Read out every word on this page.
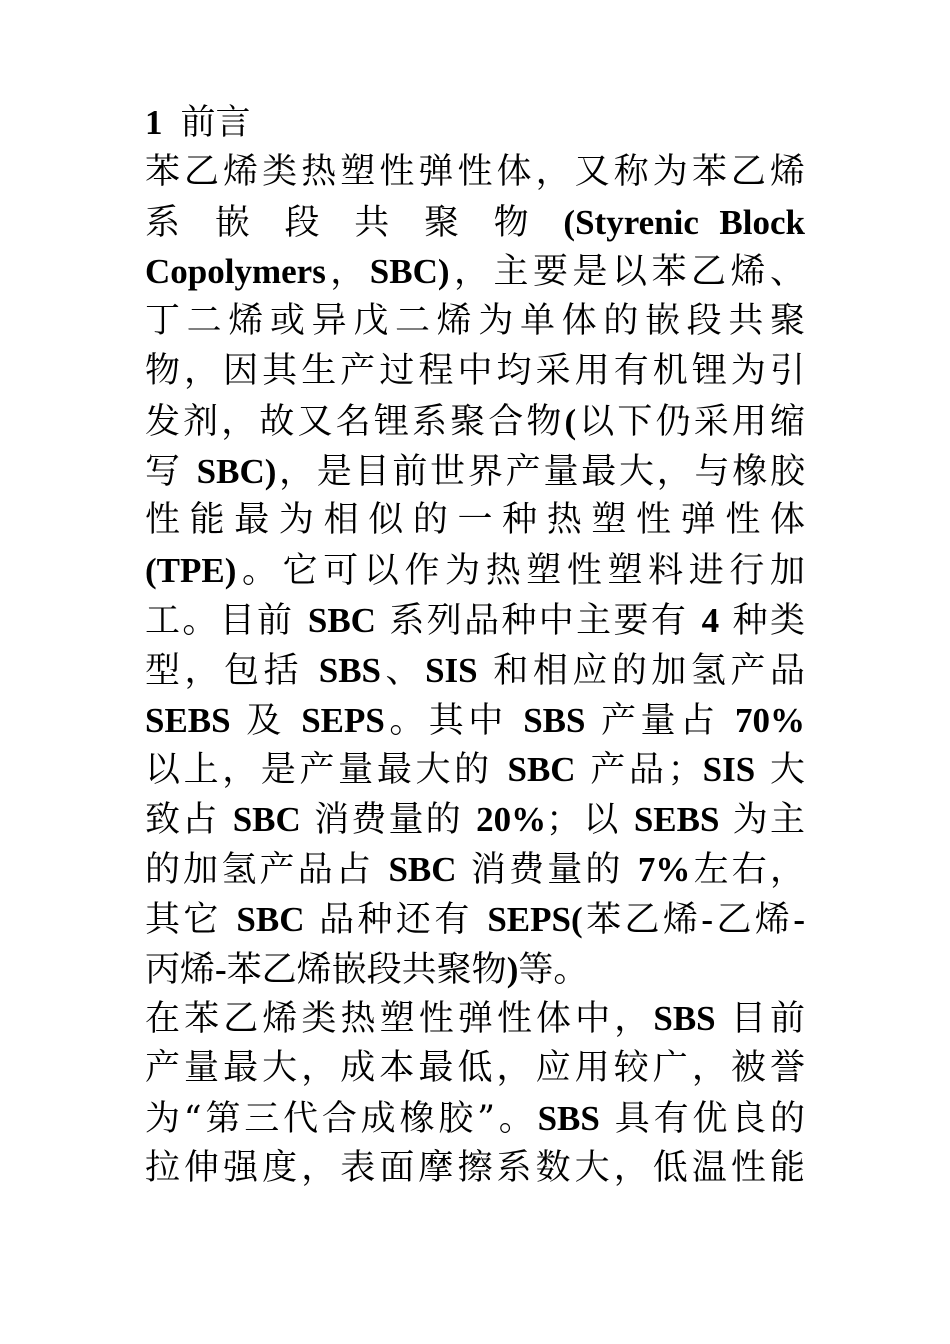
1 前言
苯乙烯类热塑性弹性体，又称为苯乙烯
系 嵌 段 共 聚 物 (Styrenic Block
Copolymers，SBC)，主要是以苯乙烯、
丁二烯或异戊二烯为单体的嵌段共聚
物，因其生产过程中均采用有机锂为引
发剂，故又名锂系聚合物(以下仍采用缩
写 SBC)，是目前世界产量最大，与橡胶
性能最为相似的一种热塑性弹性体
(TPE)。它可以作为热塑性塑料进行加
工。目前 SBC 系列品种中主要有 4 种类
型，包括 SBS、SIS 和相应的加氢产品
SEBS 及 SEPS。其中 SBS 产量占 70%
以上，是产量最大的 SBC 产品；SIS 大
致占 SBC 消费量的 20%；以 SEBS 为主
的加氢产品占 SBC 消费量的 7%左右，
其它 SBC 品种还有 SEPS(苯乙烯-乙烯-
丙烯-苯乙烯嵌段共聚物)等。
在苯乙烯类热塑性弹性体中，SBS 目前
产量最大，成本最低，应用较广，被誉
为“第三代合成橡胶”。SBS 具有优良的
拉伸强度，表面摩擦系数大，低温性能
